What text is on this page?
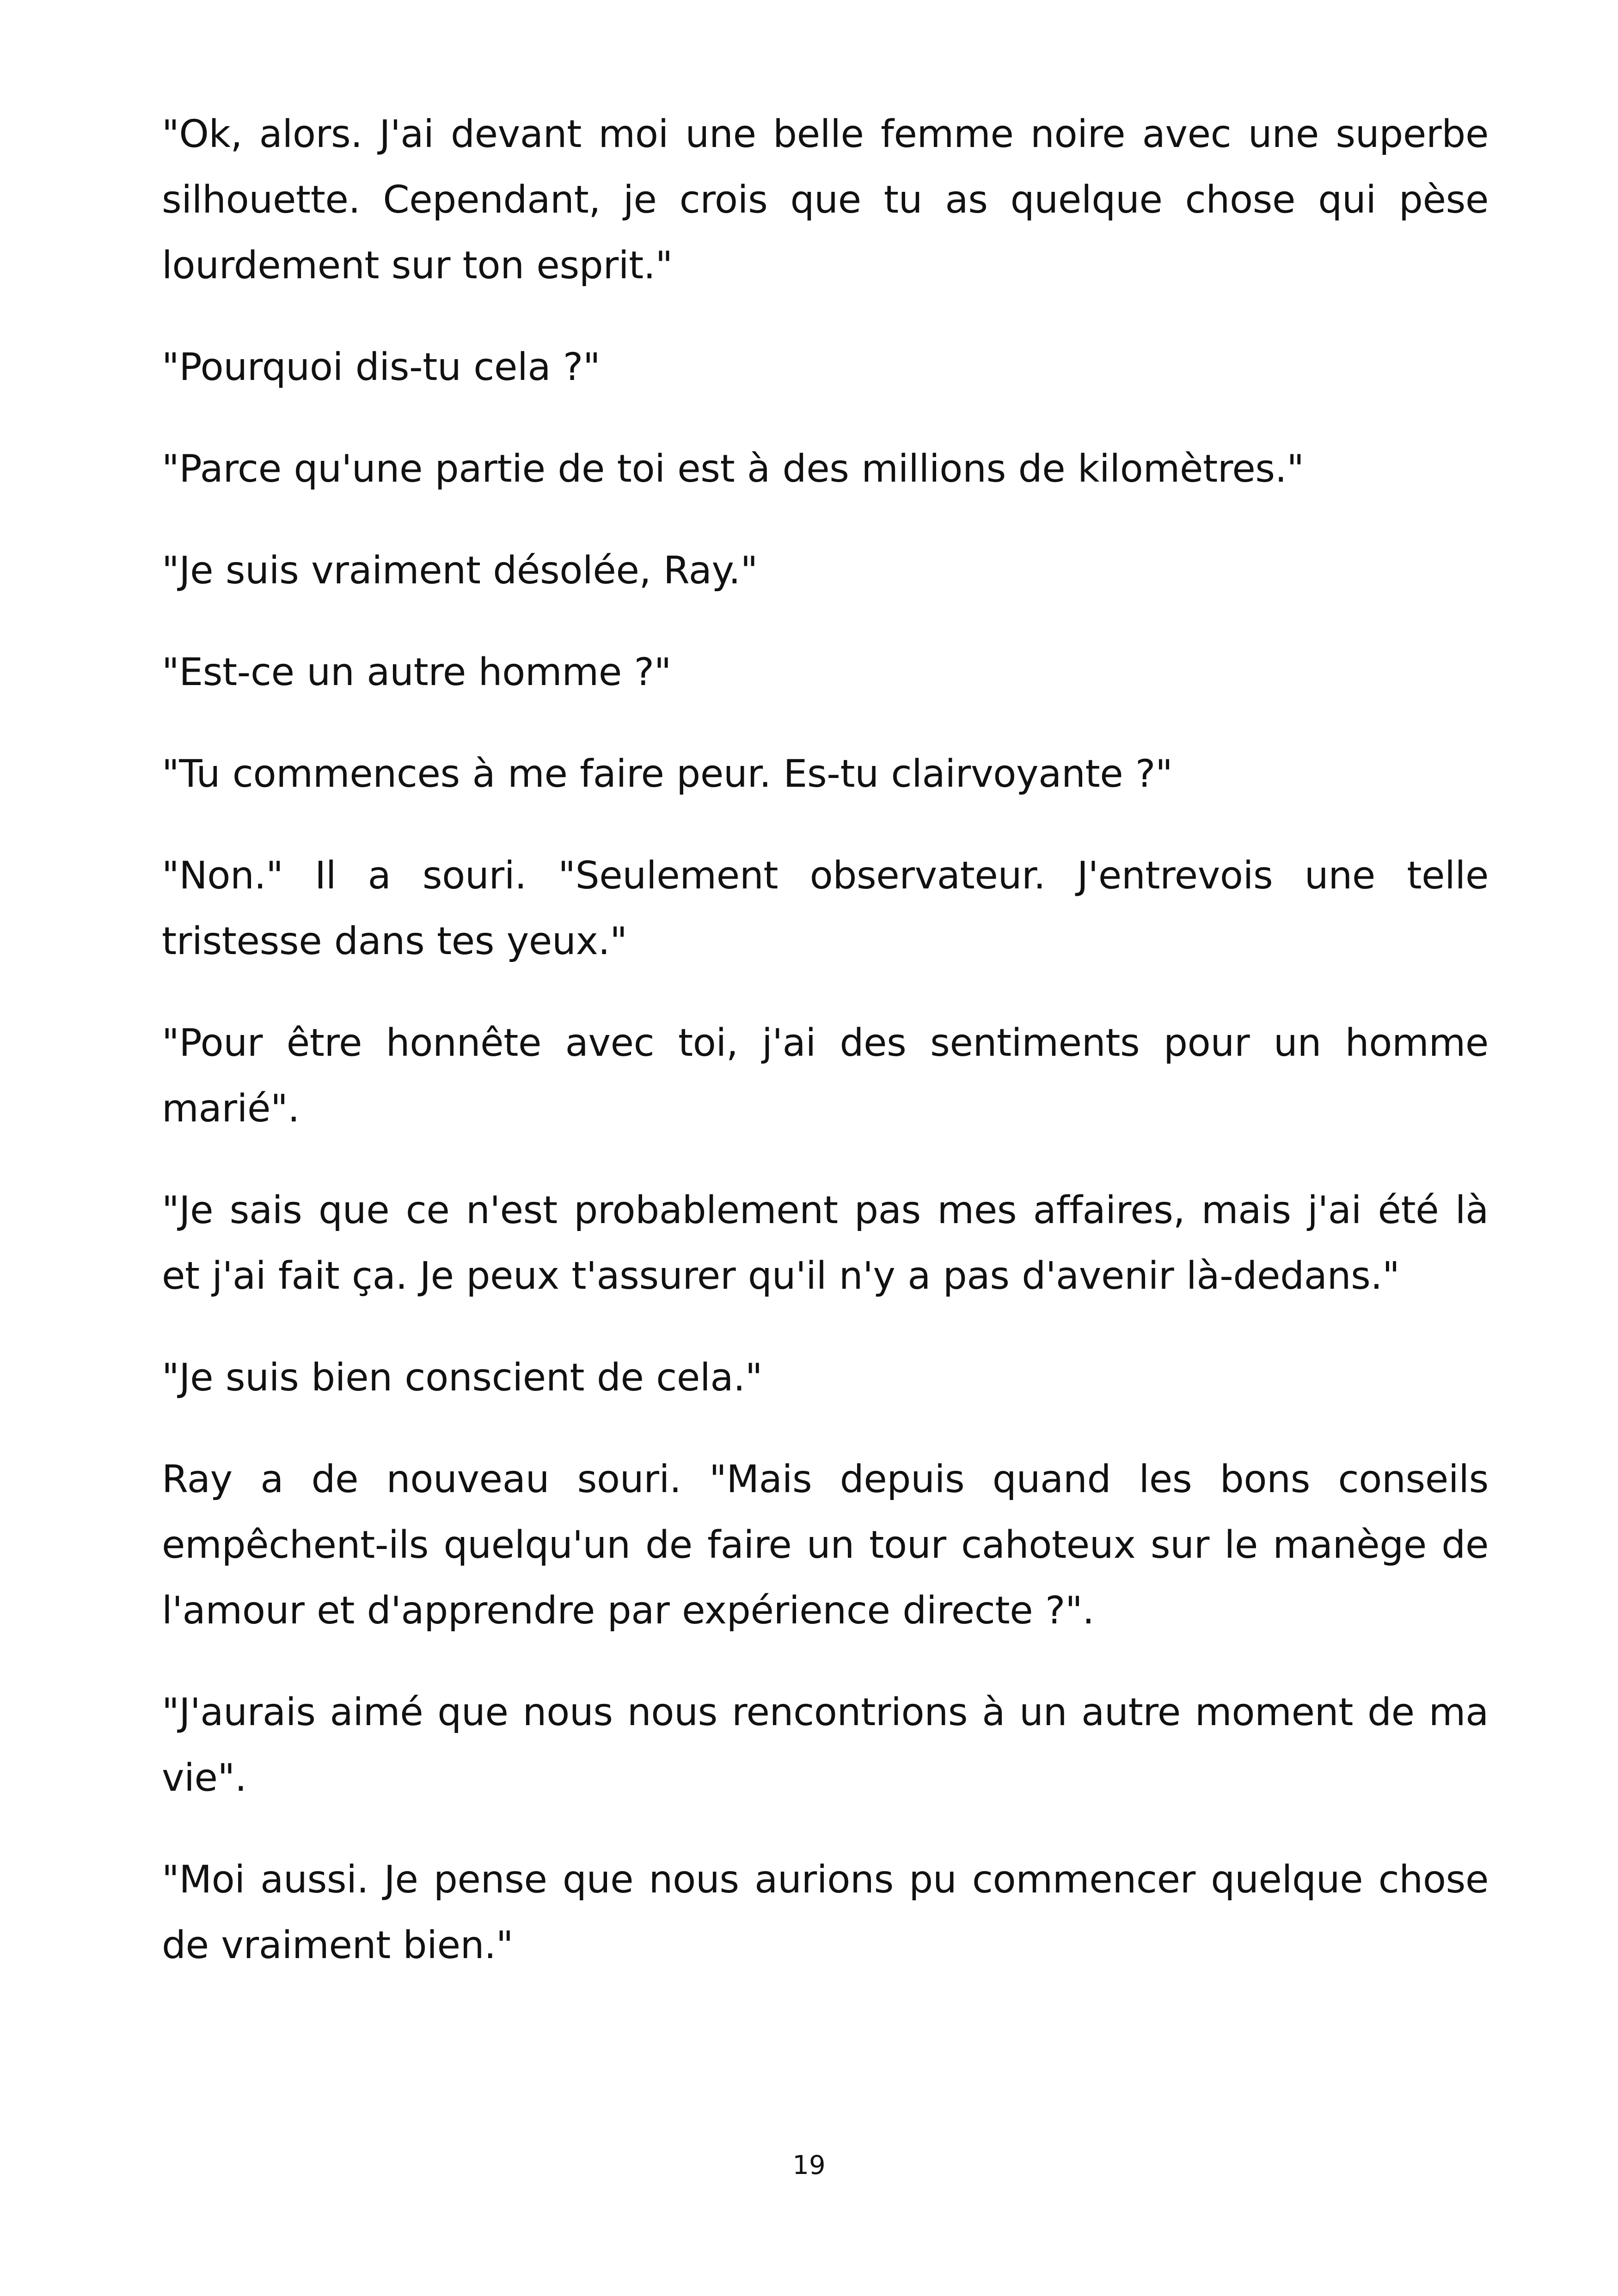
"Ok, alors. J'ai devant moi une belle femme noire avec une superbe silhouette. Cependant, je crois que tu as quelque chose qui pèse lourdement sur ton esprit."

"Pourquoi dis-tu cela ?"

"Parce qu'une partie de toi est à des millions de kilomètres."

"Je suis vraiment désolée, Ray."

"Est-ce un autre homme ?"

"Tu commences à me faire peur. Es-tu clairvoyante ?"

"Non." Il a souri. "Seulement observateur. J'entrevois une telle tristesse dans tes yeux."

"Pour être honnête avec toi, j'ai des sentiments pour un homme marié".

"Je sais que ce n'est probablement pas mes affaires, mais j'ai été là et j'ai fait ça. Je peux t'assurer qu'il n'y a pas d'avenir là-dedans."

"Je suis bien conscient de cela."

Ray a de nouveau souri. "Mais depuis quand les bons conseils empêchent-ils quelqu'un de faire un tour cahoteux sur le manège de l'amour et d'apprendre par expérience directe ?".

"J'aurais aimé que nous nous rencontrions à un autre moment de ma vie".

"Moi aussi. Je pense que nous aurions pu commencer quelque chose de vraiment bien."

19
